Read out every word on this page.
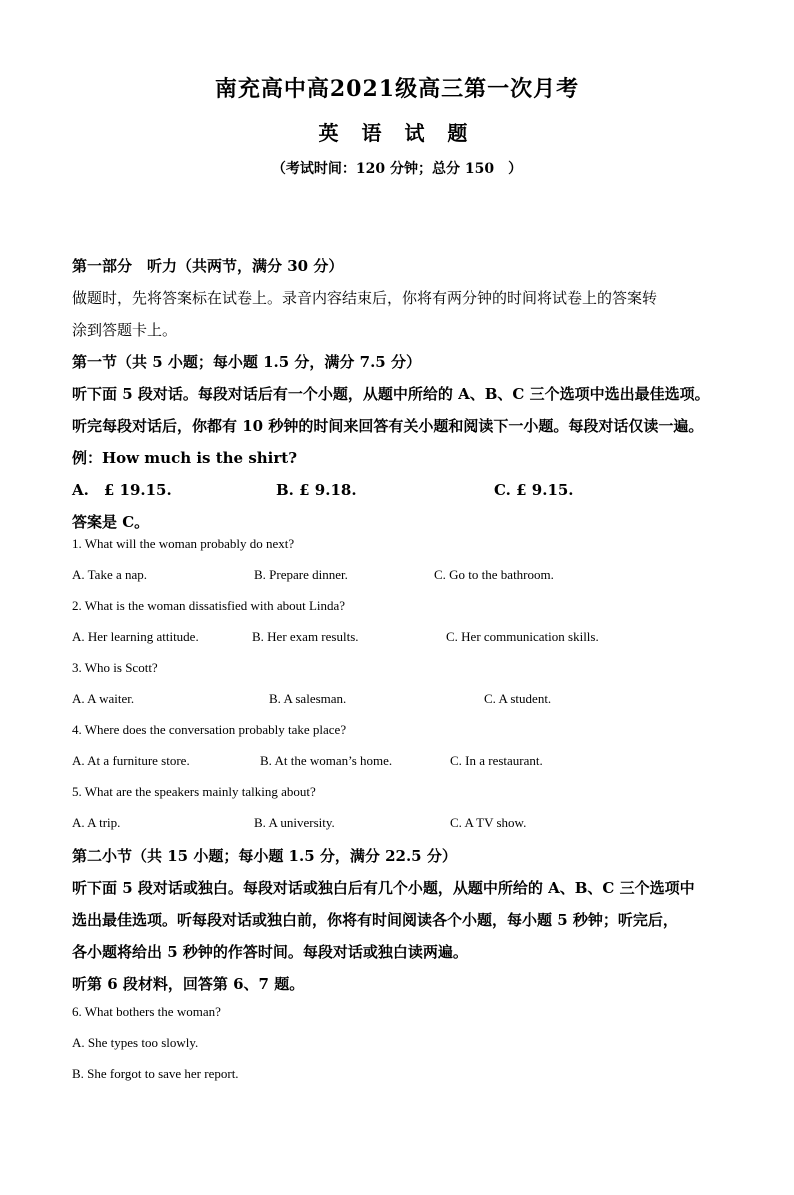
南充高中高2021级高三第一次月考
英 语 试 题
（考试时间：120 分钟；总分 150　）
第一部分　听力（共两节，满分 30 分）
做题时，先将答案标在试卷上。录音内容结束后，你将有两分钟的时间将试卷上的答案转
涂到答题卡上。
第一节（共 5 小题；每小题 1.5 分，满分 7.5 分）
听下面 5 段对话。每段对话后有一个小题，从题中所给的 A、B、C 三个选项中选出最佳选项。
听完每段对话后，你都有 10 秒钟的时间来回答有关小题和阅读下一小题。每段对话仅读一遍。
例：How much is the shirt?
A.　£ 19.15.	B. £ 9.18.	C. £ 9.15.
答案是 C。
1. What will the woman probably do next?
A. Take a nap.	B. Prepare dinner.	C. Go to the bathroom.
2. What is the woman dissatisfied with about Linda?
A. Her learning attitude.	B. Her exam results.	C. Her communication skills.
3. Who is Scott?
A. A waiter.	B. A salesman.	C. A student.
4. Where does the conversation probably take place?
A. At a furniture store.	B. At the woman’s home.	C. In a restaurant.
5. What are the speakers mainly talking about?
A. A trip.	B. A university.	C. A TV show.
第二小节（共 15 小题；每小题 1.5 分，满分 22.5 分）
听下面 5 段对话或独白。每段对话或独白后有几个小题，从题中所给的 A、B、C 三个选项中
选出最佳选项。听每段对话或独白前，你将有时间阅读各个小题，每小题 5 秒钟；听完后，
各小题将给出 5 秒钟的作答时间。每段对话或独白读两遍。
听第 6 段材料，回答第 6、7 题。
6. What bothers the woman?
A. She types too slowly.
B. She forgot to save her report.
